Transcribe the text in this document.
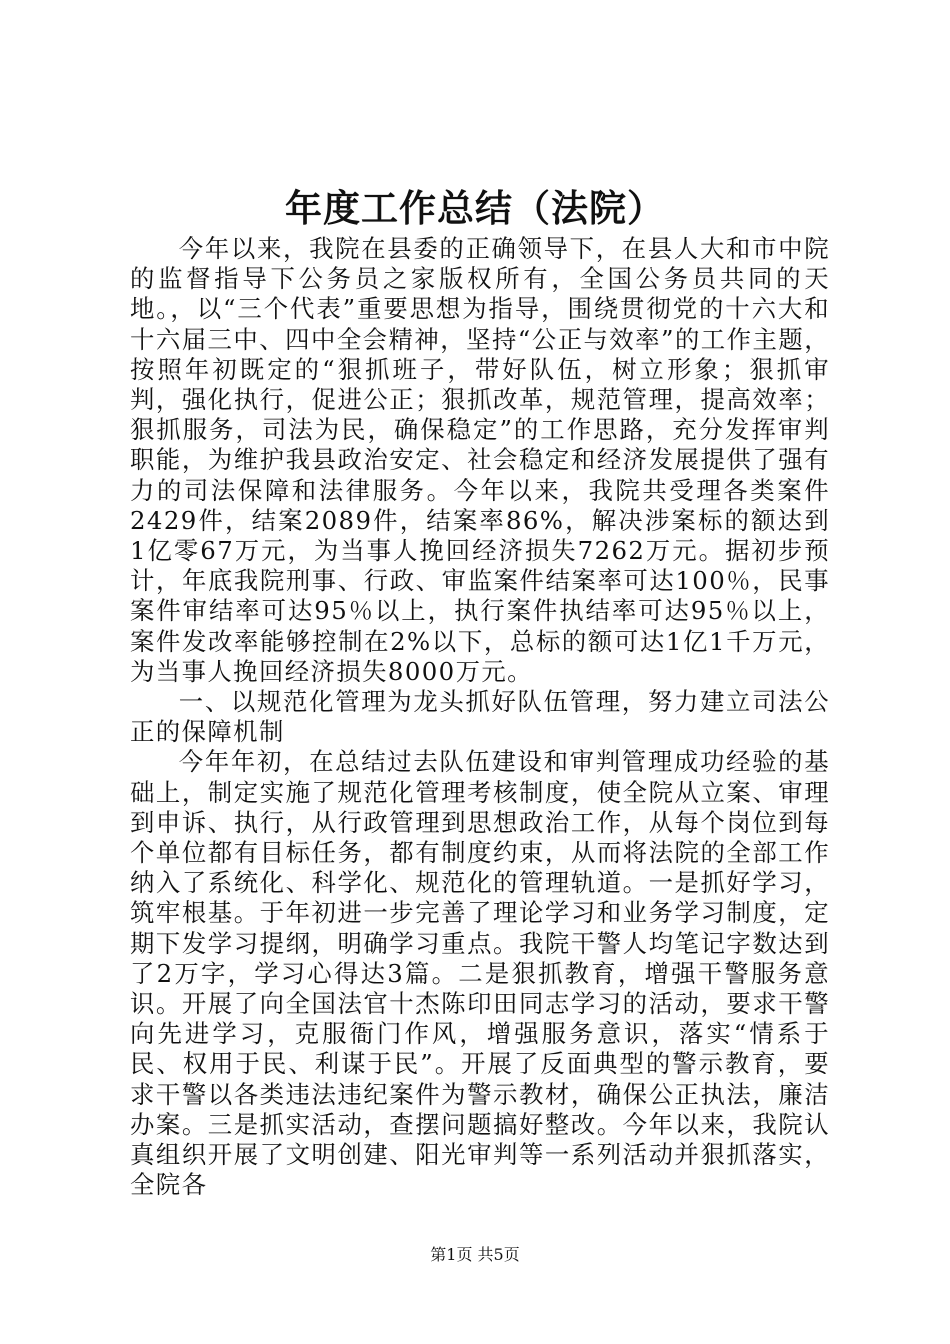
年度工作总结（法院）

今年以来，我院在县委的正确领导下，在县人大和市中院的监督指导下公务员之家版权所有，全国公务员共同的天地。，以“三个代表”重要思想为指导，围绕贯彻党的十六大和十六届三中、四中全会精神，坚持“公正与效率”的工作主题，按照年初既定的“狠抓班子，带好队伍，树立形象；狠抓审判，强化执行，促进公正；狠抓改革，规范管理，提高效率；狠抓服务，司法为民，确保稳定”的工作思路，充分发挥审判职能，为维护我县政治安定、社会稳定和经济发展提供了强有力的司法保障和法律服务。今年以来，我院共受理各类案件2429件，结案2089件，结案率86%，解决涉案标的额达到1亿零67万元，为当事人挽回经济损失7262万元。据初步预计，年底我院刑事、行政、审监案件结案率可达100％，民事案件审结率可达95％以上，执行案件执结率可达95％以上，案件发改率能够控制在2%以下，总标的额可达1亿1千万元，为当事人挽回经济损失8000万元。

一、以规范化管理为龙头抓好队伍管理，努力建立司法公正的保障机制

今年年初，在总结过去队伍建设和审判管理成功经验的基础上，制定实施了规范化管理考核制度，使全院从立案、审理到申诉、执行，从行政管理到思想政治工作，从每个岗位到每个单位都有目标任务，都有制度约束，从而将法院的全部工作纳入了系统化、科学化、规范化的管理轨道。一是抓好学习，筑牢根基。于年初进一步完善了理论学习和业务学习制度，定期下发学习提纲，明确学习重点。我院干警人均笔记字数达到了2万字，学习心得达3篇。二是狠抓教育，增强干警服务意识。开展了向全国法官十杰陈印田同志学习的活动，要求干警向先进学习，克服衙门作风，增强服务意识，落实“情系于民、权用于民、利谋于民”。开展了反面典型的警示教育，要求干警以各类违法违纪案件为警示教材，确保公正执法，廉洁办案。三是抓实活动，查摆问题搞好整改。今年以来，我院认真组织开展了文明创建、阳光审判等一系列活动并狠抓落实，全院各

第1页 共5页
